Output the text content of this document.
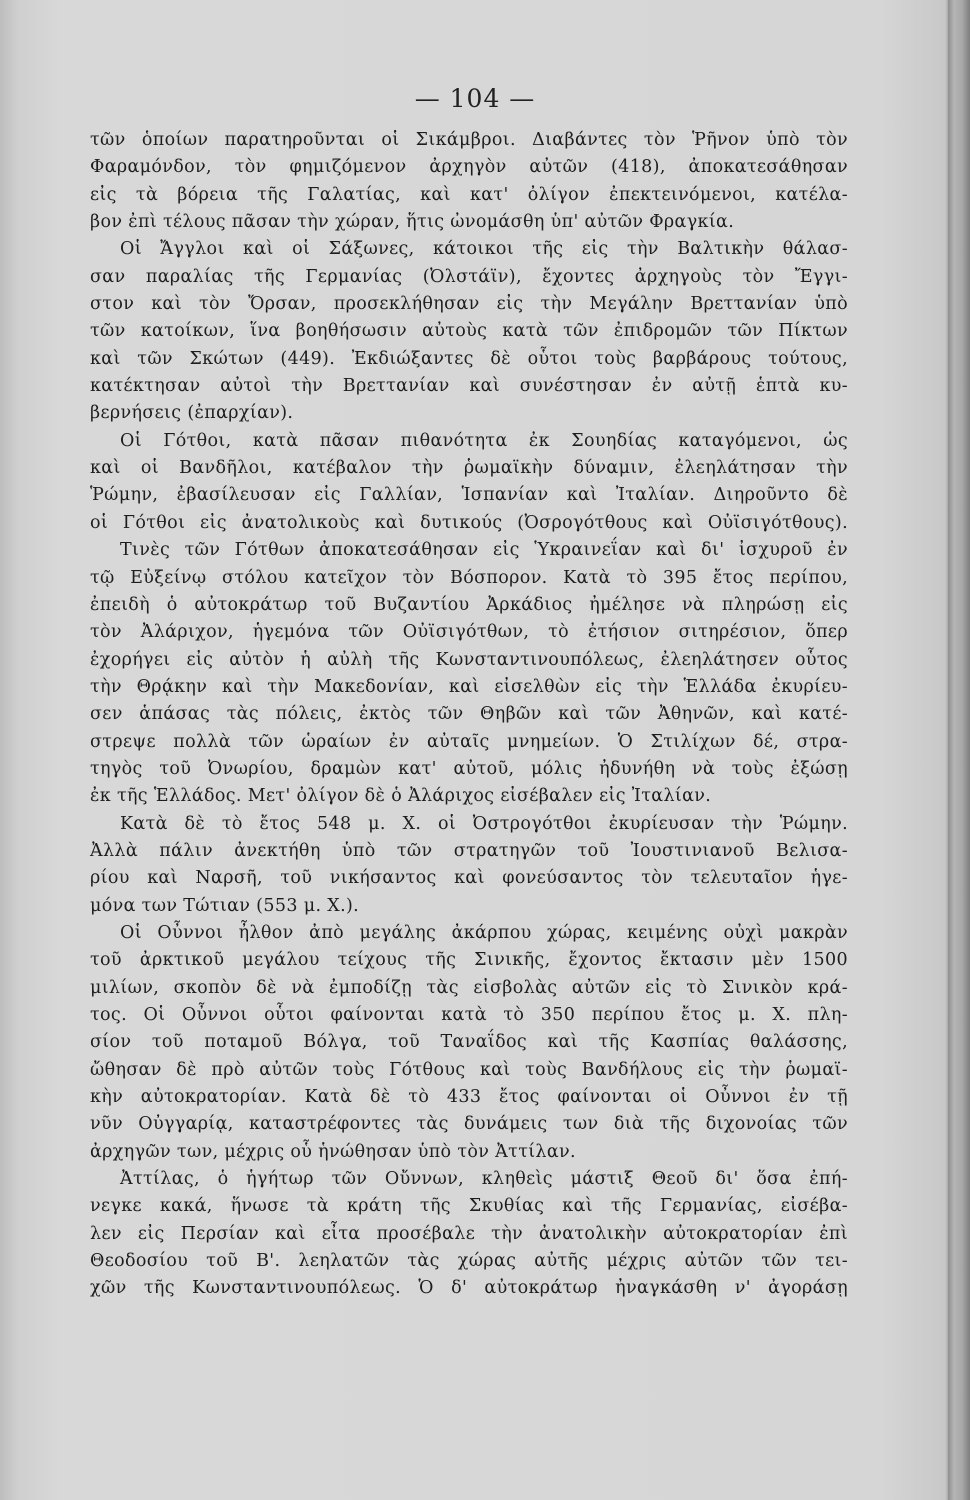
— 104 —
τῶν ὁποίων παρατηροῦνται οἱ Σικάμβροι. Διαβάντες τὸν Ῥῆνον ὑπὸ τὸν
Φαραμόνδον, τὸν φημιζόμενον ἀρχηγὸν αὐτῶν (418), ἀποκατεσάθησαν
εἰς τὰ βόρεια τῆς Γαλατίας, καὶ κατ' ὀλίγον ἐπεκτεινόμενοι, κατέλα-
βον ἐπὶ τέλους πᾶσαν τὴν χώραν, ἥτις ὠνομάσθη ὑπ' αὐτῶν Φραγκία.
Οἱ Ἄγγλοι καὶ οἱ Σάξωνες, κάτοικοι τῆς εἰς τὴν Βαλτικὴν θάλασ-
σαν παραλίας τῆς Γερμανίας (Ὀλστάϊν), ἔχοντες ἀρχηγοὺς τὸν Ἔγγι-
στον καὶ τὸν Ὄρσαν, προσεκλήθησαν εἰς τὴν Μεγάλην Βρεττανίαν ὑπὸ
τῶν κατοίκων, ἵνα βοηθήσωσιν αὐτοὺς κατὰ τῶν ἐπιδρομῶν τῶν Πίκτων
καὶ τῶν Σκώτων (449). Ἐκδιώξαντες δὲ οὗτοι τοὺς βαρβάρους τούτους,
κατέκτησαν αὐτοὶ τὴν Βρεττανίαν καὶ συνέστησαν ἐν αὐτῇ ἑπτὰ κυ-
βερνήσεις (ἐπαρχίαν).
Οἱ Γότθοι, κατὰ πᾶσαν πιθανότητα ἐκ Σουηδίας καταγόμενοι, ὡς
καὶ οἱ Βανδῆλοι, κατέβαλον τὴν ῥωμαϊκὴν δύναμιν, ἐλεηλάτησαν τὴν
Ῥώμην, ἐβασίλευσαν εἰς Γαλλίαν, Ἱσπανίαν καὶ Ἰταλίαν. Διηροῦντο δὲ
οἱ Γότθοι εἰς ἀνατολικοὺς καὶ δυτικούς (Ὀσρογότθους καὶ Οὐϊσιγότθους).
Τινὲς τῶν Γότθων ἀποκατεσάθησαν εἰς Ὑκραινεΐαν καὶ δι' ἰσχυροῦ ἐν
τῷ Εὐξείνῳ στόλου κατεῖχον τὸν Βόσπορον. Κατὰ τὸ 395 ἔτος περίπου,
ἐπειδὴ ὁ αὐτοκράτωρ τοῦ Βυζαντίου Ἀρκάδιος ἠμέλησε νὰ πληρώσῃ εἰς
τὸν Ἀλάριχον, ἡγεμόνα τῶν Οὐϊσιγότθων, τὸ ἐτήσιον σιτηρέσιον, ὅπερ
ἐχορήγει εἰς αὐτὸν ἡ αὐλὴ τῆς Κωνσταντινουπόλεως, ἐλεηλάτησεν οὗτος
τὴν Θρᾴκην καὶ τὴν Μακεδονίαν, καὶ εἰσελθὼν εἰς τὴν Ἑλλάδα ἐκυρίευ-
σεν ἁπάσας τὰς πόλεις, ἐκτὸς τῶν Θηβῶν καὶ τῶν Ἀθηνῶν, καὶ κατέ-
στρεψε πολλὰ τῶν ὡραίων ἐν αὐταῖς μνημείων. Ὁ Στιλίχων δέ, στρα-
τηγὸς τοῦ Ὀνωρίου, δραμὼν κατ' αὐτοῦ, μόλις ἠδυνήθη νὰ τοὺς ἐξώσῃ
ἐκ τῆς Ἑλλάδος. Μετ' ὀλίγον δὲ ὁ Ἀλάριχος εἰσέβαλεν εἰς Ἰταλίαν.
Κατὰ δὲ τὸ ἔτος 548 μ. Χ. οἱ Ὀστρογότθοι ἐκυρίευσαν τὴν Ῥώμην.
Ἀλλὰ πάλιν ἀνεκτήθη ὑπὸ τῶν στρατηγῶν τοῦ Ἰουστινιανοῦ Βελισα-
ρίου καὶ Ναρσῆ, τοῦ νικήσαντος καὶ φονεύσαντος τὸν τελευταῖον ἡγε-
μόνα των Τώτιαν (553 μ. Χ.).
Οἱ Οὖννοι ἦλθον ἀπὸ μεγάλης ἀκάρπου χώρας, κειμένης οὐχὶ μακρὰν
τοῦ ἀρκτικοῦ μεγάλου τείχους τῆς Σινικῆς, ἔχοντος ἔκτασιν μὲν 1500
μιλίων, σκοπὸν δὲ νὰ ἐμποδίζῃ τὰς εἰσβολὰς αὐτῶν εἰς τὸ Σινικὸν κρά-
τος. Οἱ Οὖννοι οὗτοι φαίνονται κατὰ τὸ 350 περίπου ἔτος μ. Χ. πλη-
σίον τοῦ ποταμοῦ Βόλγα, τοῦ Ταναΐδος καὶ τῆς Κασπίας θαλάσσης,
ὤθησαν δὲ πρὸ αὐτῶν τοὺς Γότθους καὶ τοὺς Βανδήλους εἰς τὴν ῥωμαϊ-
κὴν αὐτοκρατορίαν. Κατὰ δὲ τὸ 433 ἔτος φαίνονται οἱ Οὖννοι ἐν τῇ
νῦν Οὐγγαρίᾳ, καταστρέφοντες τὰς δυνάμεις των διὰ τῆς διχονοίας τῶν
ἀρχηγῶν των, μέχρις οὗ ἡνώθησαν ὑπὸ τὸν Ἀττίλαν.
Ἀττίλας, ὁ ἡγήτωρ τῶν Οὔννων, κληθεὶς μάστιξ Θεοῦ δι' ὅσα ἐπή-
νεγκε κακά, ἥνωσε τὰ κράτη τῆς Σκυθίας καὶ τῆς Γερμανίας, εἰσέβα-
λεν εἰς Περσίαν καὶ εἶτα προσέβαλε τὴν ἀνατολικὴν αὐτοκρατορίαν ἐπὶ
Θεοδοσίου τοῦ Β'. λεηλατῶν τὰς χώρας αὐτῆς μέχρις αὐτῶν τῶν τει-
χῶν τῆς Κωνσταντινουπόλεως. Ὁ δ' αὐτοκράτωρ ἠναγκάσθη ν' ἀγοράσῃ
